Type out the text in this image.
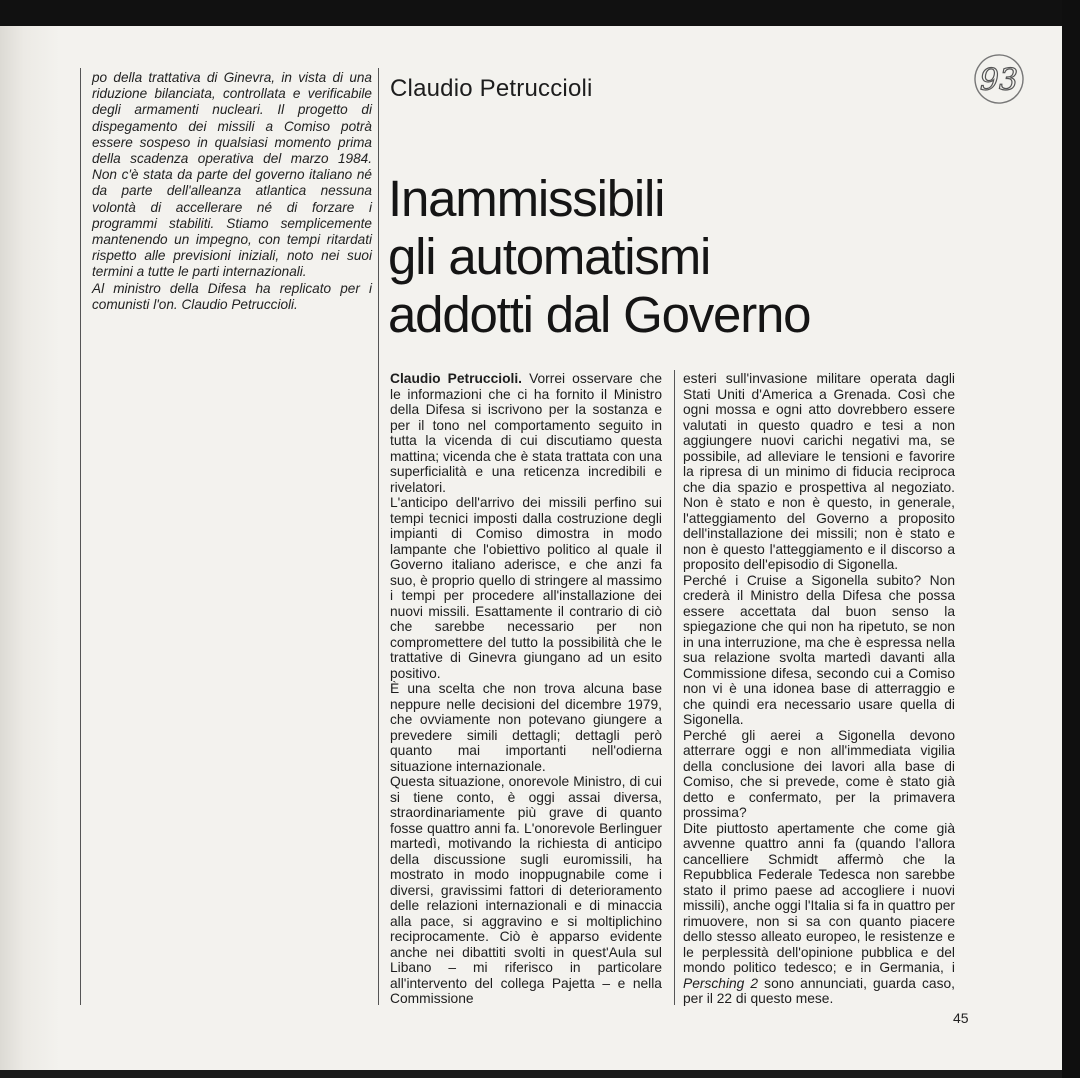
po della trattativa di Ginevra, in vista di una riduzione bilanciata, controllata e verificabile degli armamenti nucleari. Il progetto di dispegamento dei missili a Comiso potrà essere sospeso in qualsiasi momento prima della scadenza operativa del marzo 1984. Non c'è stata da parte del governo italiano né da parte dell'alleanza atlantica nessuna volontà di accellerare né di forzare i programmi stabiliti. Stiamo semplicemente mantenendo un impegno, con tempi ritardati rispetto alle previsioni iniziali, noto nei suoi termini a tutte le parti internazionali.

Al ministro della Difesa ha replicato per i comunisti l'on. Claudio Petruccioli.

Claudio Petruccioli
Inammissibili
gli automatismi
addotti dal Governo

Claudio Petruccioli. Vorrei osservare che le informazioni che ci ha fornito il Ministro della Difesa si iscrivono per la sostanza e per il tono nel comportamento seguito in tutta la vicenda di cui discutiamo questa mattina; vicenda che è stata trattata con una superficialità e una reticenza incredibili e rivelatori.

L'anticipo dell'arrivo dei missili perfino sui tempi tecnici imposti dalla costruzione degli impianti di Comiso dimostra in modo lampante che l'obiettivo politico al quale il Governo italiano aderisce, e che anzi fa suo, è proprio quello di stringere al massimo i tempi per procedere all'installazione dei nuovi missili. Esattamente il contrario di ciò che sarebbe necessario per non compromettere del tutto la possibilità che le trattative di Ginevra giungano ad un esito positivo.

È una scelta che non trova alcuna base neppure nelle decisioni del dicembre 1979, che ovviamente non potevano giungere a prevedere simili dettagli; dettagli però quanto mai importanti nell'odierna situazione internazionale.

Questa situazione, onorevole Ministro, di cui si tiene conto, è oggi assai diversa, straordinariamente più grave di quanto fosse quattro anni fa. L'onorevole Berlinguer martedì, motivando la richiesta di anticipo della discussione sugli euromissili, ha mostrato in modo inoppugnabile come i diversi, gravissimi fattori di deterioramento delle relazioni internazionali e di minaccia alla pace, si aggravino e si moltiplichino reciprocamente. Ciò è apparso evidente anche nei dibattiti svolti in quest'Aula sul Libano – mi riferisco in particolare all'intervento del collega Pajetta – e nella Commissione

esteri sull'invasione militare operata dagli Stati Uniti d'America a Grenada. Così che ogni mossa e ogni atto dovrebbero essere valutati in questo quadro e tesi a non aggiungere nuovi carichi negativi ma, se possibile, ad alleviare le tensioni e favorire la ripresa di un minimo di fiducia reciproca che dia spazio e prospettiva al negoziato. Non è stato e non è questo, in generale, l'atteggiamento del Governo a proposito dell'installazione dei missili; non è stato e non è questo l'atteggiamento e il discorso a proposito dell'episodio di Sigonella.

Perché i Cruise a Sigonella subito? Non crederà il Ministro della Difesa che possa essere accettata dal buon senso la spiegazione che qui non ha ripetuto, se non in una interruzione, ma che è espressa nella sua relazione svolta martedì davanti alla Commissione difesa, secondo cui a Comiso non vi è una idonea base di atterraggio e che quindi era necessario usare quella di Sigonella.

Perché gli aerei a Sigonella devono atterrare oggi e non all'immediata vigilia della conclusione dei lavori alla base di Comiso, che si prevede, come è stato già detto e confermato, per la primavera prossima?

Dite piuttosto apertamente che come già avvenne quattro anni fa (quando l'allora cancelliere Schmidt affermò che la Repubblica Federale Tedesca non sarebbe stato il primo paese ad accogliere i nuovi missili), anche oggi l'Italia si fa in quattro per rimuovere, non si sa con quanto piacere dello stesso alleato europeo, le resistenze e le perplessità dell'opinione pubblica e del mondo politico tedesco; e in Germania, i Persching 2 sono annunciati, guarda caso, per il 22 di questo mese.

93
45
